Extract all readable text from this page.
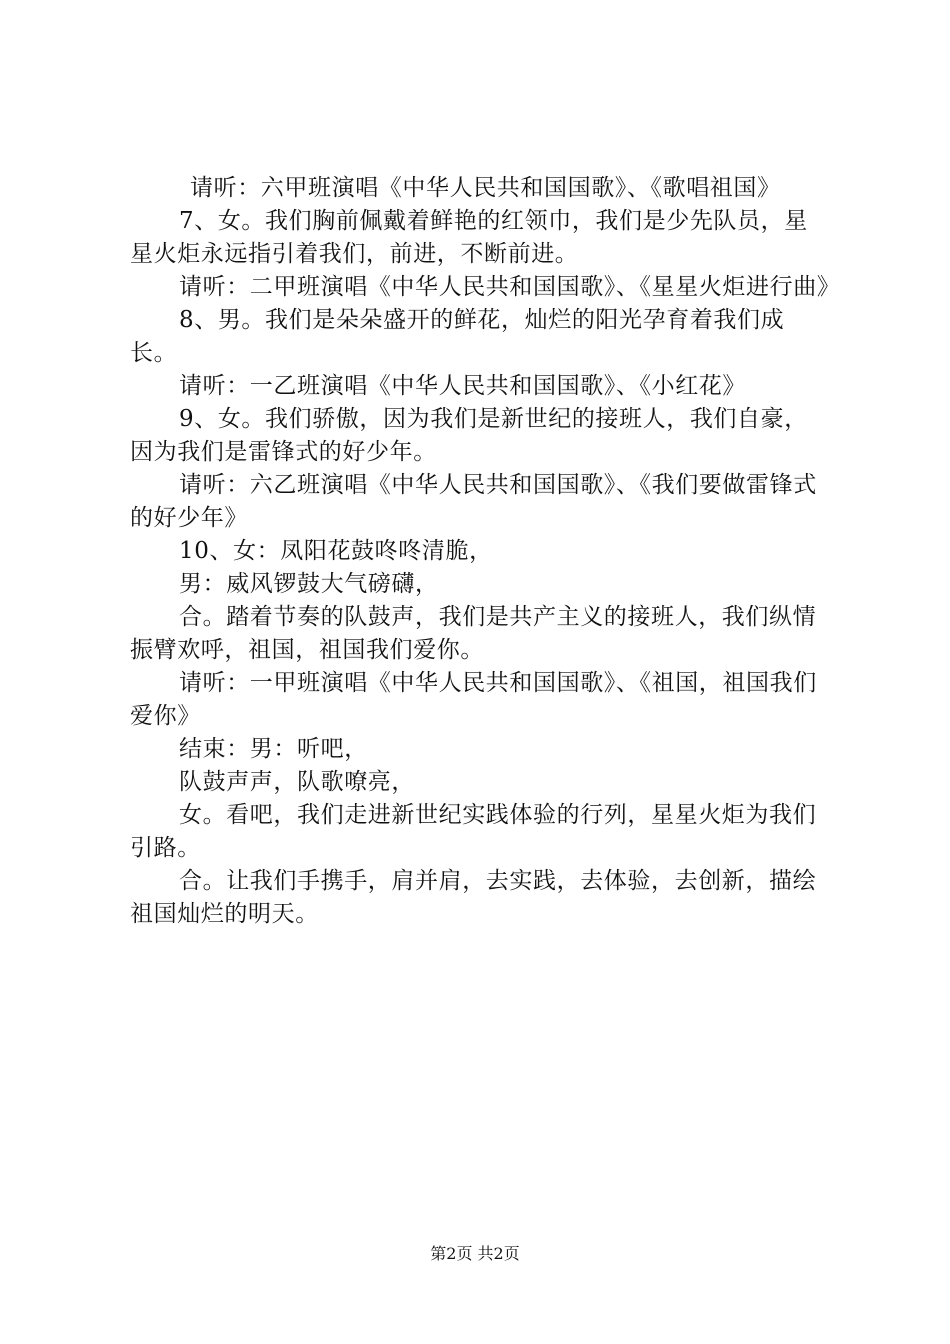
请听：六甲班演唱《中华人民共和国国歌》、《歌唱祖国》

7、女。我们胸前佩戴着鲜艳的红领巾，我们是少先队员，星星火炬永远指引着我们，前进，不断前进。

请听：二甲班演唱《中华人民共和国国歌》、《星星火炬进行曲》

8、男。我们是朵朵盛开的鲜花，灿烂的阳光孕育着我们成长。

请听：一乙班演唱《中华人民共和国国歌》、《小红花》

9、女。我们骄傲，因为我们是新世纪的接班人，我们自豪，因为我们是雷锋式的好少年。

请听：六乙班演唱《中华人民共和国国歌》、《我们要做雷锋式的好少年》

10、女：凤阳花鼓咚咚清脆，

男：威风锣鼓大气磅礴，

合。踏着节奏的队鼓声，我们是共产主义的接班人，我们纵情振臂欢呼，祖国，祖国我们爱你。

请听：一甲班演唱《中华人民共和国国歌》、《祖国，祖国我们爱你》

结束：男：听吧，

队鼓声声，队歌嘹亮，

女。看吧，我们走进新世纪实践体验的行列，星星火炬为我们引路。

合。让我们手携手，肩并肩，去实践，去体验，去创新，描绘祖国灿烂的明天。

第2页 共2页
